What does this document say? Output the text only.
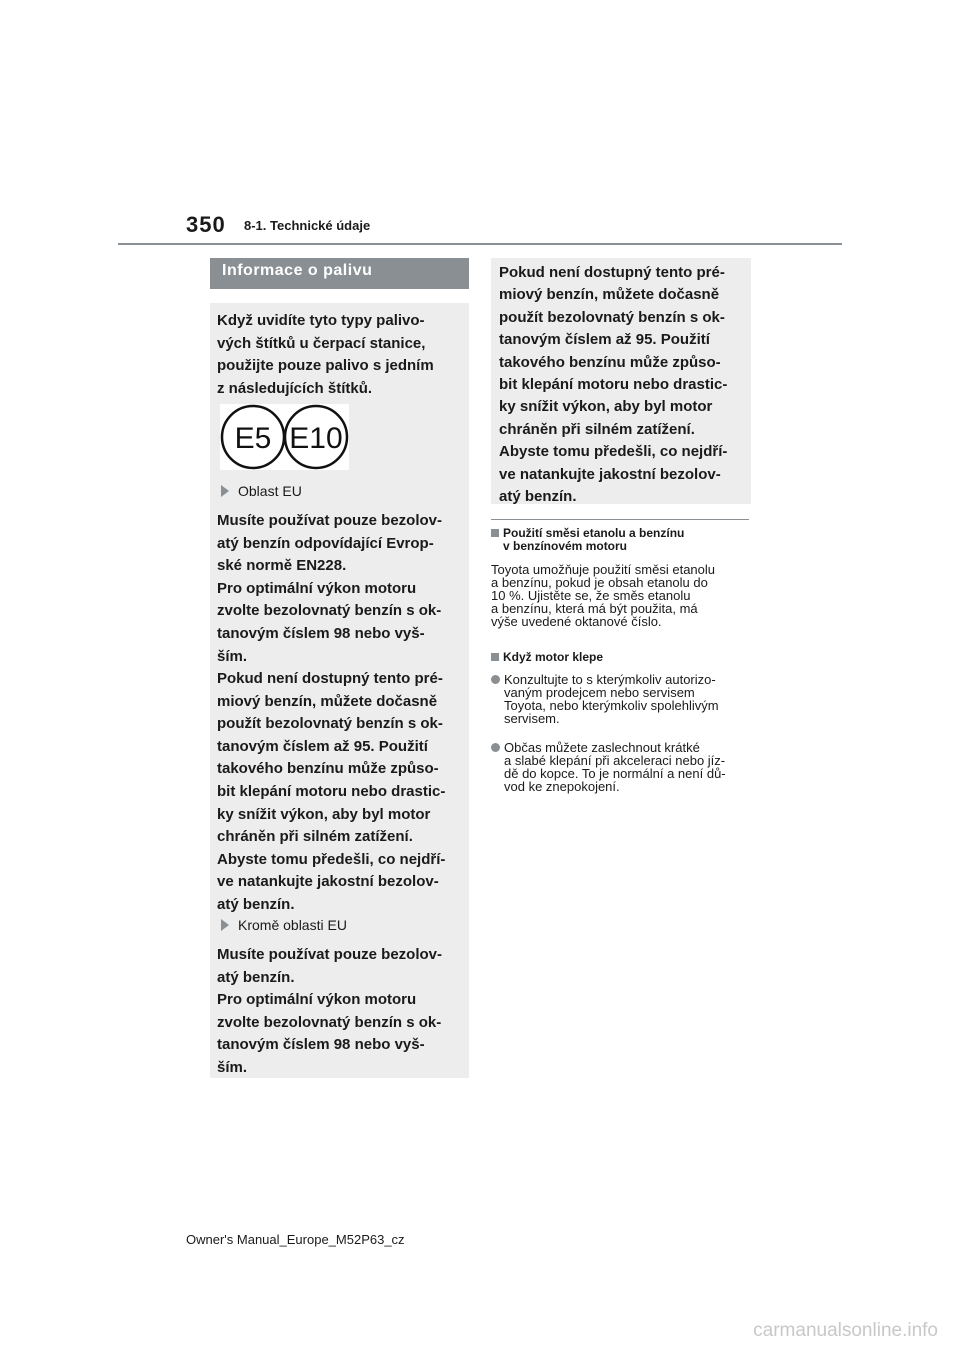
350 8-1. Technické údaje
Informace o palivu

Když uvidíte tyto typy palivo-
vých štítků u čerpací stanice,
použijte pouze palivo s jedním
z následujících štítků.

Oblast EU

Musíte používat pouze bezolov-
atý benzín odpovídající Evrop-
ské normě EN228.
Pro optimální výkon motoru
zvolte bezolovnatý benzín s ok-
tanovým číslem 98 nebo vyš-
ším.

Pokud není dostupný tento pré-
miový benzín, můžete dočasně
použít bezolovnatý benzín s ok-
tanovým číslem až 95. Použití
takového benzínu může způso-
bit klepání motoru nebo drastic-
ky snížit výkon, aby byl motor
chráněn při silném zatížení.
Abyste tomu předešli, co nejdří-
ve natankujte jakostní bezolov-
atý benzín.

Kromě oblasti EU

Musíte používat pouze bezolov-
atý benzín.
Pro optimální výkon motoru
zvolte bezolovnatý benzín s ok-
tanovým číslem 98 nebo vyš-
ším.

E5 E10

Pokud není dostupný tento pré-
miový benzín, můžete dočasně
použít bezolovnatý benzín s ok-
tanovým číslem až 95. Použití
takového benzínu může způso-
bit klepání motoru nebo drastic-
ky snížit výkon, aby byl motor
chráněn při silném zatížení.
Abyste tomu předešli, co nejdří-
ve natankujte jakostní bezolov-
atý benzín.

Použití směsi etanolu a benzínu
v benzínovém motoru

Toyota umožňuje použití směsi etanolu
a benzínu, pokud je obsah etanolu do
10 %. Ujistěte se, že směs etanolu
a benzínu, která má být použita, má
výše uvedené oktanové číslo.

Když motor klepe
Konzultujte to s kterýmkoliv autorizo-
vaným prodejcem nebo servisem
Toyota, nebo kterýmkoliv spolehlivým
servisem.
Občas můžete zaslechnout krátké
a slabé klepání při akceleraci nebo jíz-
dě do kopce. To je normální a není dů-
vod ke znepokojení.
Owner's Manual_Europe_M52P63_cz
carmanualsonline.info
